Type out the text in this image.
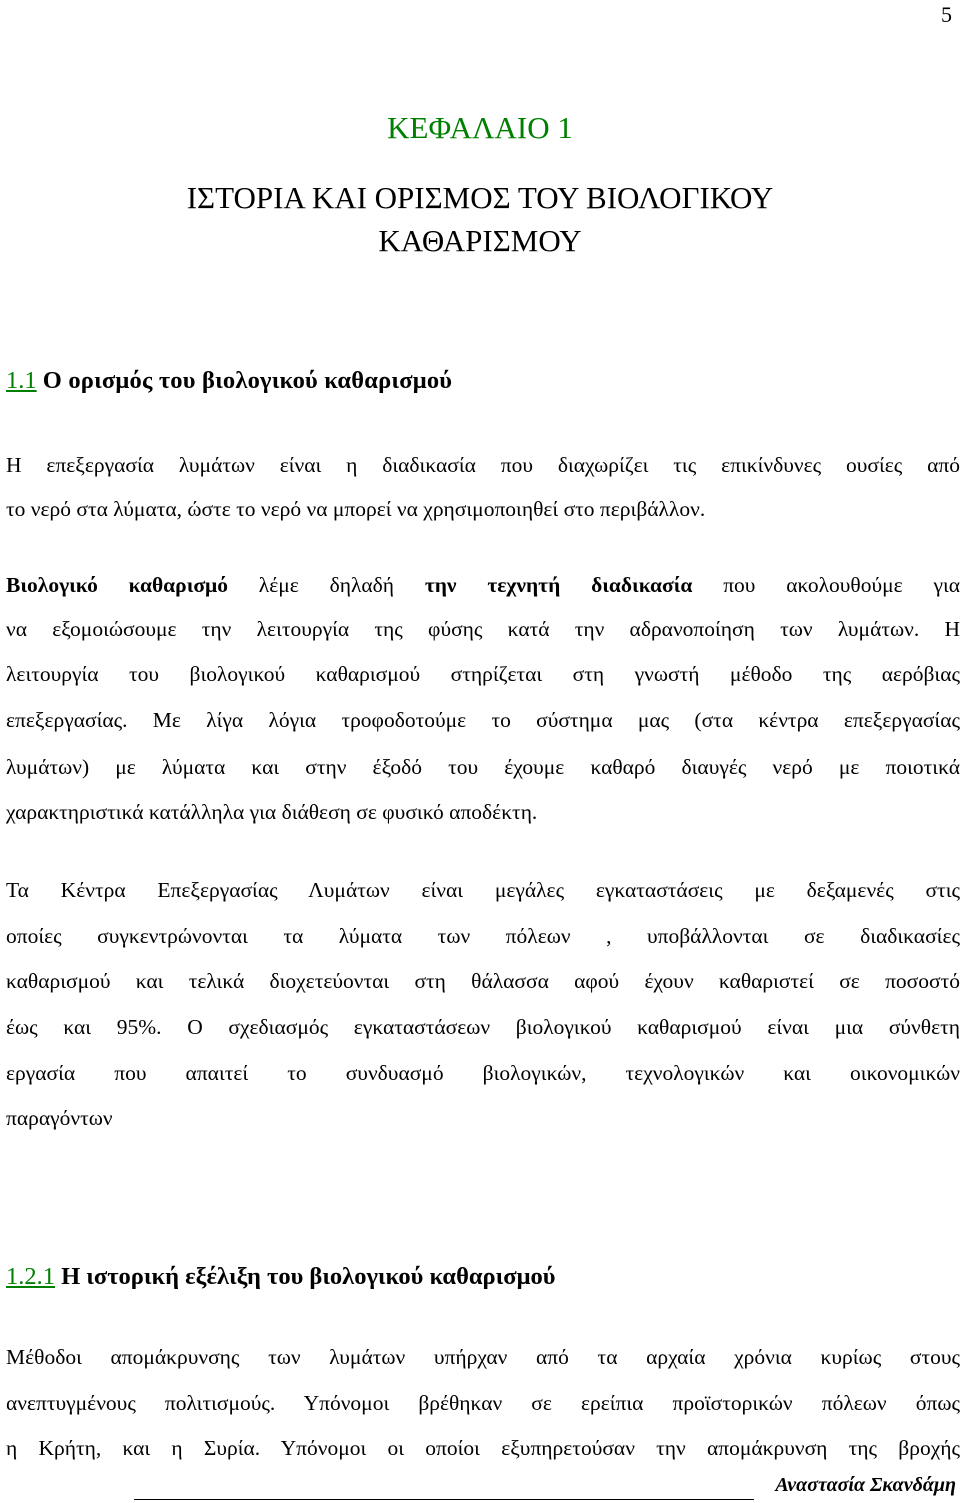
5
ΚΕΦΑΛΑΙΟ 1
ΙΣΤΟΡΙΑ ΚΑΙ ΟΡΙΣΜΟΣ ΤΟΥ ΒΙΟΛΟΓΙΚΟΥ
ΚΑΘΑΡΙΣΜΟΥ
1.1 Ο ορισμός του βιολογικού καθαρισμού
Η επεξεργασία λυμάτων είναι η διαδικασία που διαχωρίζει τις επικίνδυνες ουσίες από
το νερό στα λύματα, ώστε το νερό να μπορεί να χρησιμοποιηθεί στο περιβάλλον.
Βιολογικό καθαρισμό λέμε δηλαδή την τεχνητή διαδικασία που ακολουθούμε για
να εξομοιώσουμε την λειτουργία της φύσης κατά την αδρανοποίηση των λυμάτων. Η
λειτουργία του βιολογικού καθαρισμού στηρίζεται στη γνωστή μέθοδο της αερόβιας
επεξεργασίας. Με λίγα λόγια τροφοδοτούμε το σύστημα μας (στα κέντρα επεξεργασίας
λυμάτων) με λύματα και στην έξοδό του έχουμε καθαρό διαυγές νερό με ποιοτικά
χαρακτηριστικά κατάλληλα για διάθεση σε φυσικό αποδέκτη.
Τα Κέντρα Επεξεργασίας Λυμάτων είναι μεγάλες εγκαταστάσεις με δεξαμενές στις
οποίες συγκεντρώνονται τα λύματα των πόλεων , υποβάλλονται σε διαδικασίες
καθαρισμού και τελικά διοχετεύονται στη θάλασσα αφού έχουν καθαριστεί σε ποσοστό
έως και 95%. Ο σχεδιασμός εγκαταστάσεων βιολογικού καθαρισμού είναι μια σύνθετη
εργασία που απαιτεί το συνδυασμό βιολογικών, τεχνολογικών και οικονομικών
παραγόντων
1.2.1 Η ιστορική εξέλιξη του βιολογικού καθαρισμού
Μέθοδοι απομάκρυνσης των λυμάτων υπήρχαν από τα αρχαία χρόνια κυρίως στους
ανεπτυγμένους πολιτισμούς. Υπόνομοι βρέθηκαν σε ερείπια προϊστορικών πόλεων όπως
η Κρήτη, και η Συρία. Υπόνομοι οι οποίοι εξυπηρετούσαν την απομάκρυνση της βροχής
Αναστασία Σκανδάμη
